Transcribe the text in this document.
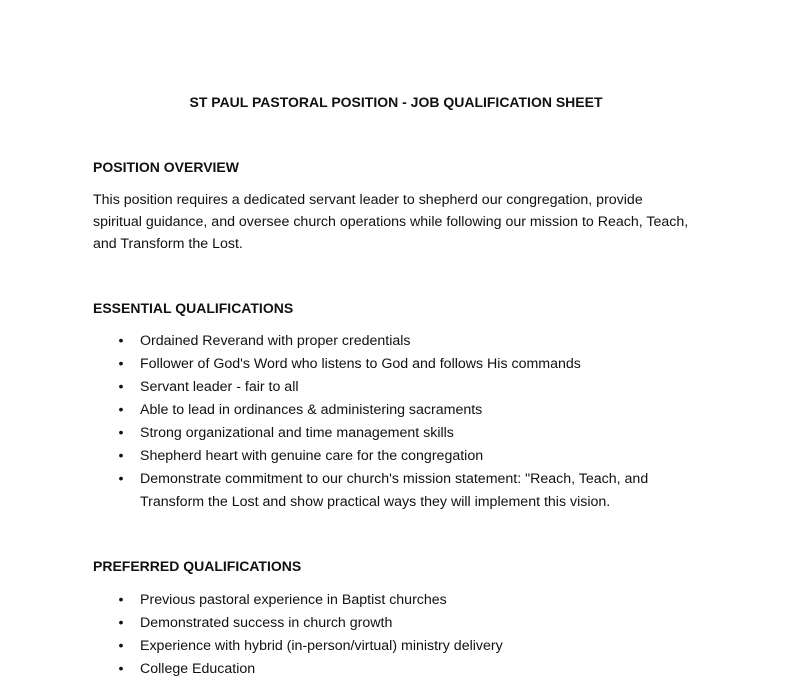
ST PAUL PASTORAL POSITION - JOB QUALIFICATION SHEET
POSITION OVERVIEW

This position requires a dedicated servant leader to shepherd our congregation, provide spiritual guidance, and oversee church operations while following our mission to Reach, Teach, and Transform the Lost.

ESSENTIAL QUALIFICATIONS
• Ordained Reverand with proper credentials
• Follower of God's Word who listens to God and follows His commands
• Servant leader - fair to all
• Able to lead in ordinances & administering sacraments
• Strong organizational and time management skills
• Shepherd heart with genuine care for the congregation
• Demonstrate commitment to our church's mission statement: "Reach, Teach, and Transform the Lost and show practical ways they will implement this vision.
PREFERRED QUALIFICATIONS
• Previous pastoral experience in Baptist churches
• Demonstrated success in church growth
• Experience with hybrid (in-person/virtual) ministry delivery
• College Education
